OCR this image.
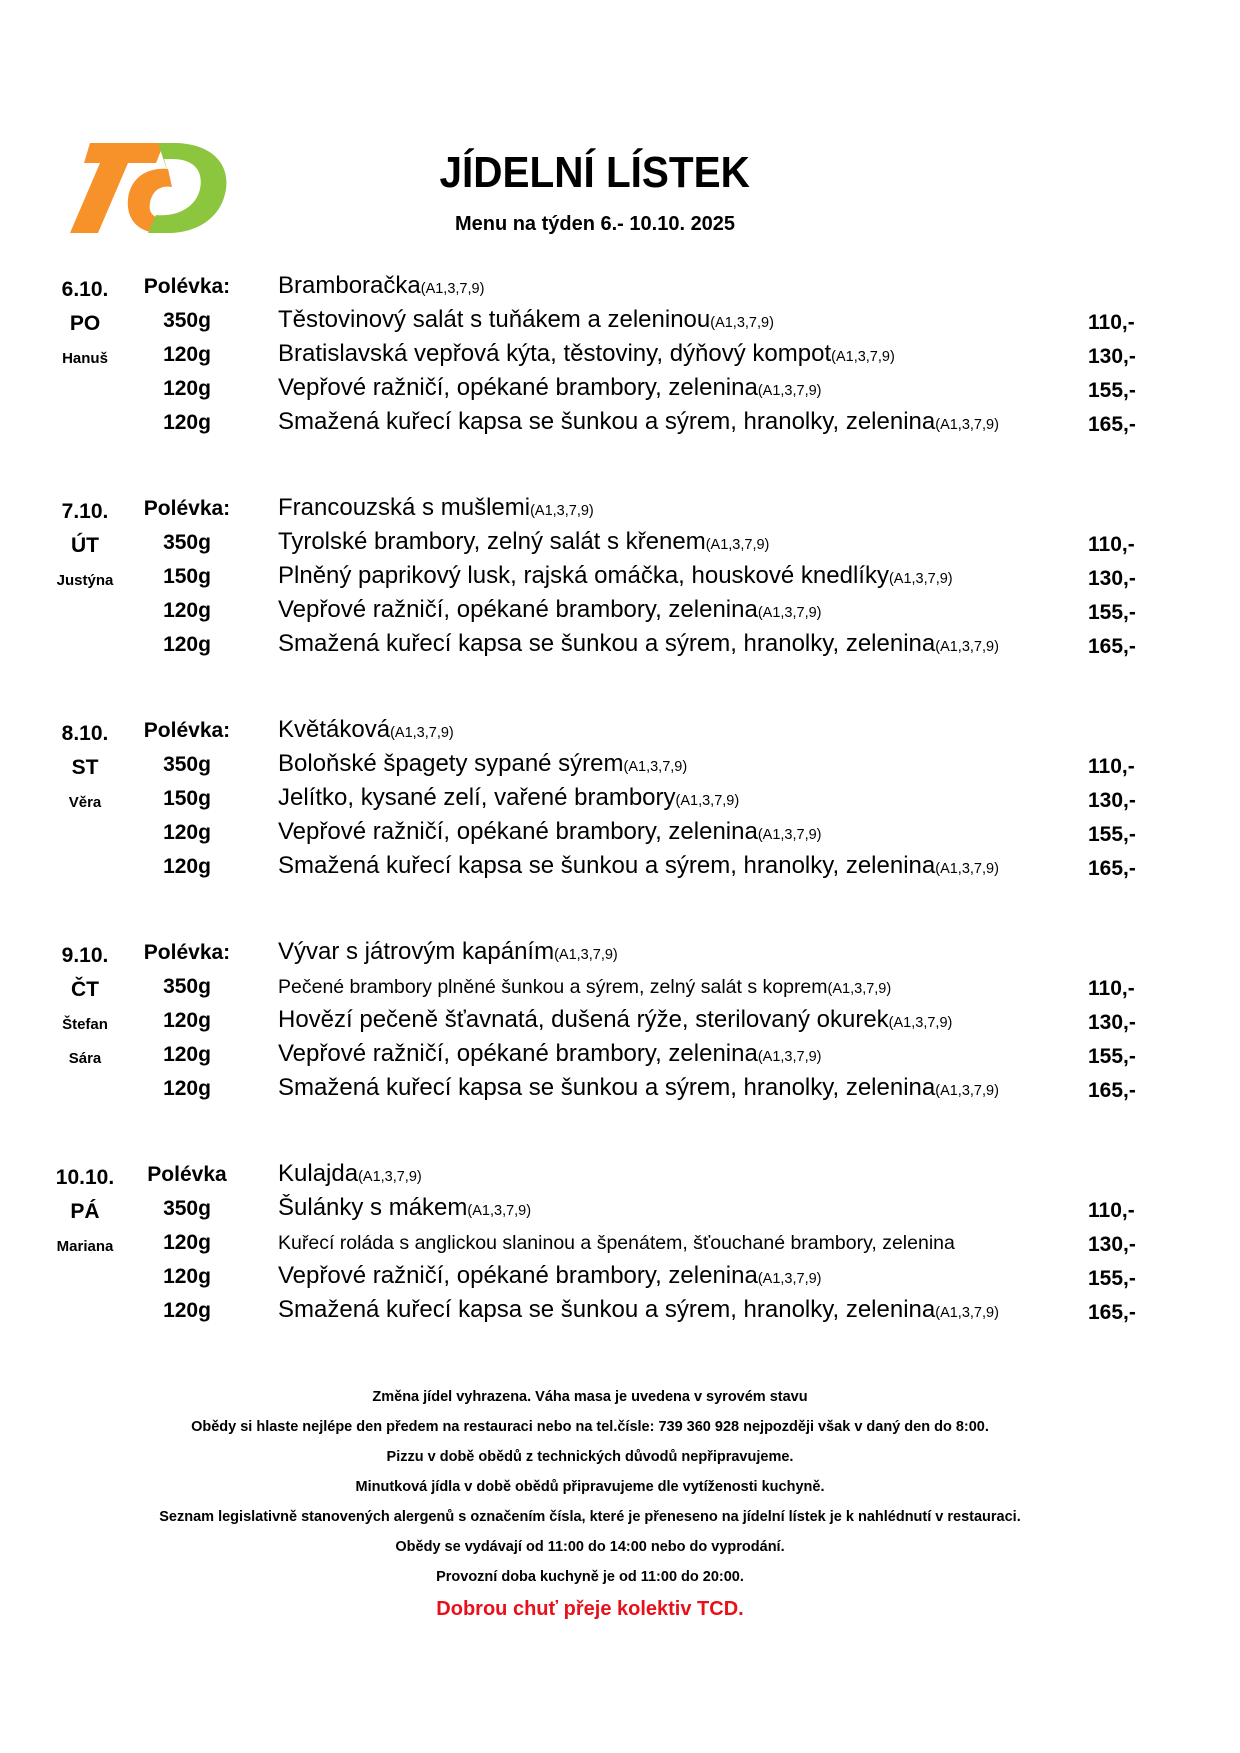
JÍDELNÍ LÍSTEK
Menu na týden 6.- 10.10. 2025
6.10.	Polévka:	Bramboračka(A1,3,7,9)
PO	350g	Těstovinový salát s tuňákem a zeleninou(A1,3,7,9)	110,-
Hanuš	120g	Bratislavská vepřová kýta, těstoviny, dýňový kompot(A1,3,7,9)	130,-
120g	Vepřové ražničí, opékané brambory, zelenina(A1,3,7,9)	155,-
120g	Smažená kuřecí kapsa se šunkou a sýrem, hranolky, zelenina(A1,3,7,9)	165,-
7.10.	Polévka:	Francouzská s mušlemi(A1,3,7,9)
ÚT	350g	Tyrolské brambory, zelný salát s křenem(A1,3,7,9)	110,-
Justýna	150g	Plněný paprikový lusk, rajská omáčka, houskové knedlíky(A1,3,7,9)	130,-
120g	Vepřové ražničí, opékané brambory, zelenina(A1,3,7,9)	155,-
120g	Smažená kuřecí kapsa se šunkou a sýrem, hranolky, zelenina(A1,3,7,9)	165,-
8.10.	Polévka:	Květáková(A1,3,7,9)
ST	350g	Boloňské špagety sypané sýrem(A1,3,7,9)	110,-
Věra	150g	Jelítko, kysané zelí, vařené brambory(A1,3,7,9)	130,-
120g	Vepřové ražničí, opékané brambory, zelenina(A1,3,7,9)	155,-
120g	Smažená kuřecí kapsa se šunkou a sýrem, hranolky, zelenina(A1,3,7,9)	165,-
9.10.	Polévka:	Vývar s játrovým kapáním(A1,3,7,9)
ČT	350g	Pečené brambory plněné šunkou a sýrem, zelný salát s koprem(A1,3,7,9)	110,-
Štefan	120g	Hovězí pečeně šťavnatá, dušená rýže, sterilovaný okurek(A1,3,7,9)	130,-
Sára	120g	Vepřové ražničí, opékané brambory, zelenina(A1,3,7,9)	155,-
120g	Smažená kuřecí kapsa se šunkou a sýrem, hranolky, zelenina(A1,3,7,9)	165,-
10.10.	Polévka	Kulajda(A1,3,7,9)
PÁ	350g	Šulánky s mákem(A1,3,7,9)	110,-
Mariana	120g	Kuřecí roláda s anglickou slaninou a špenátem, šťouchané brambory, zelenina	130,-
120g	Vepřové ražničí, opékané brambory, zelenina(A1,3,7,9)	155,-
120g	Smažená kuřecí kapsa se šunkou a sýrem, hranolky, zelenina(A1,3,7,9)	165,-
Změna jídel vyhrazena. Váha masa je uvedena v syrovém stavu
Obědy si hlaste nejlépe den předem na restauraci nebo na tel.čísle: 739 360 928 nejpozději však v daný den do 8:00.
Pizzu v době obědů z technických důvodů nepřipravujeme.
Minutková jídla v době obědů připravujeme dle vytíženosti kuchyně.
Seznam legislativně stanovených alergenů s označením čísla, které je přeneseno na jídelní lístek je k nahlédnutí v restauraci.
Obědy se vydávají od 11:00 do 14:00 nebo do vyprodání.
Provozní doba kuchyně je od 11:00 do 20:00.
Dobrou chuť přeje kolektiv TCD.
